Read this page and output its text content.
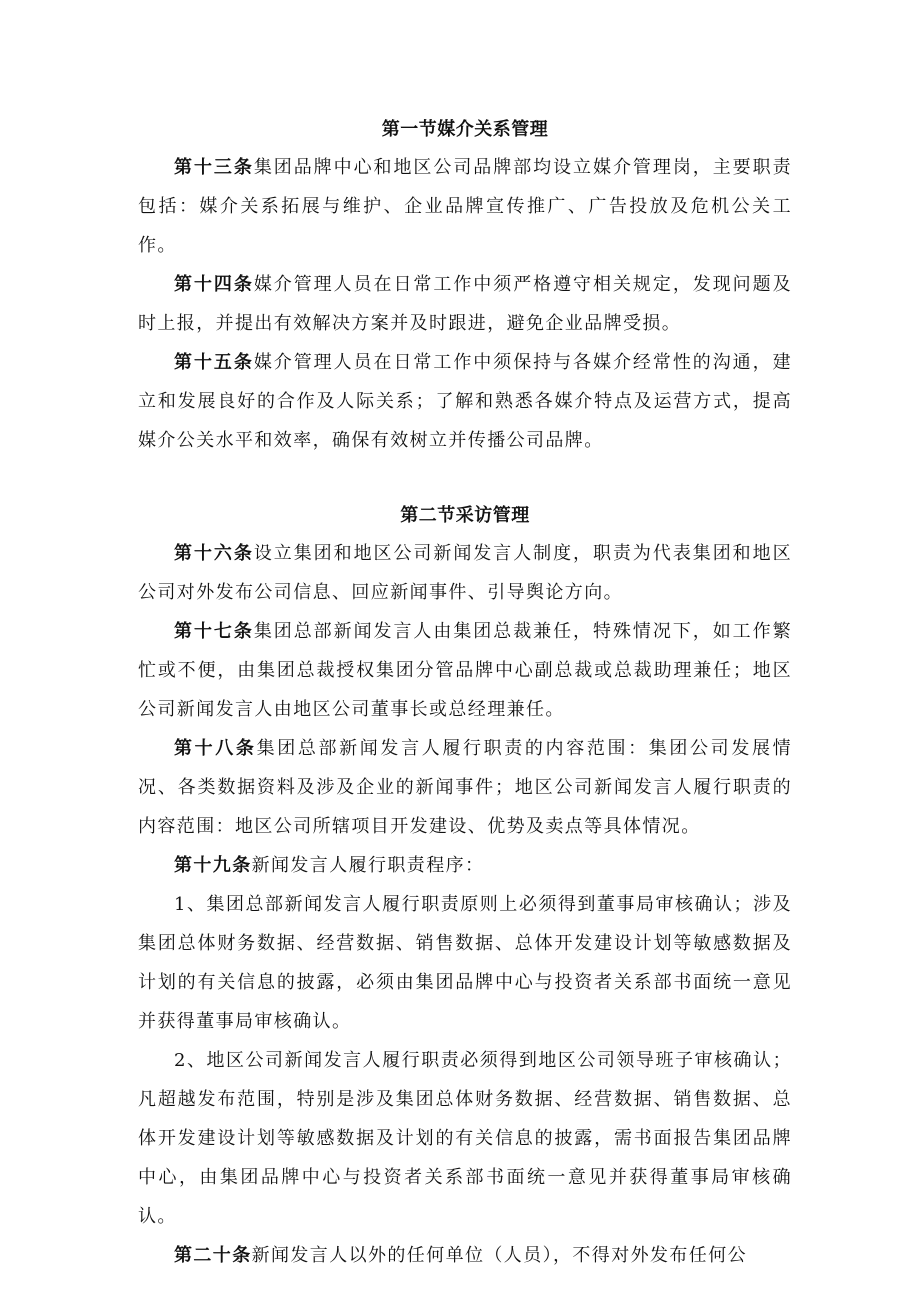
第一节媒介关系管理

第十三条集团品牌中心和地区公司品牌部均设立媒介管理岗，主要职责包括：媒介关系拓展与维护、企业品牌宣传推广、广告投放及危机公关工作。

第十四条媒介管理人员在日常工作中须严格遵守相关规定，发现问题及时上报，并提出有效解决方案并及时跟进，避免企业品牌受损。

第十五条媒介管理人员在日常工作中须保持与各媒介经常性的沟通，建立和发展良好的合作及人际关系；了解和熟悉各媒介特点及运营方式，提高媒介公关水平和效率，确保有效树立并传播公司品牌。

第二节采访管理

第十六条设立集团和地区公司新闻发言人制度，职责为代表集团和地区公司对外发布公司信息、回应新闻事件、引导舆论方向。

第十七条集团总部新闻发言人由集团总裁兼任，特殊情况下，如工作繁忙或不便，由集团总裁授权集团分管品牌中心副总裁或总裁助理兼任；地区公司新闻发言人由地区公司董事长或总经理兼任。

第十八条集团总部新闻发言人履行职责的内容范围：集团公司发展情况、各类数据资料及涉及企业的新闻事件；地区公司新闻发言人履行职责的内容范围：地区公司所辖项目开发建设、优势及卖点等具体情况。

第十九条新闻发言人履行职责程序：

1、集团总部新闻发言人履行职责原则上必须得到董事局审核确认；涉及集团总体财务数据、经营数据、销售数据、总体开发建设计划等敏感数据及计划的有关信息的披露，必须由集团品牌中心与投资者关系部书面统一意见并获得董事局审核确认。

2、地区公司新闻发言人履行职责必须得到地区公司领导班子审核确认；凡超越发布范围，特别是涉及集团总体财务数据、经营数据、销售数据、总体开发建设计划等敏感数据及计划的有关信息的披露，需书面报告集团品牌中心，由集团品牌中心与投资者关系部书面统一意见并获得董事局审核确认。

第二十条新闻发言人以外的任何单位（人员），不得对外发布任何公
